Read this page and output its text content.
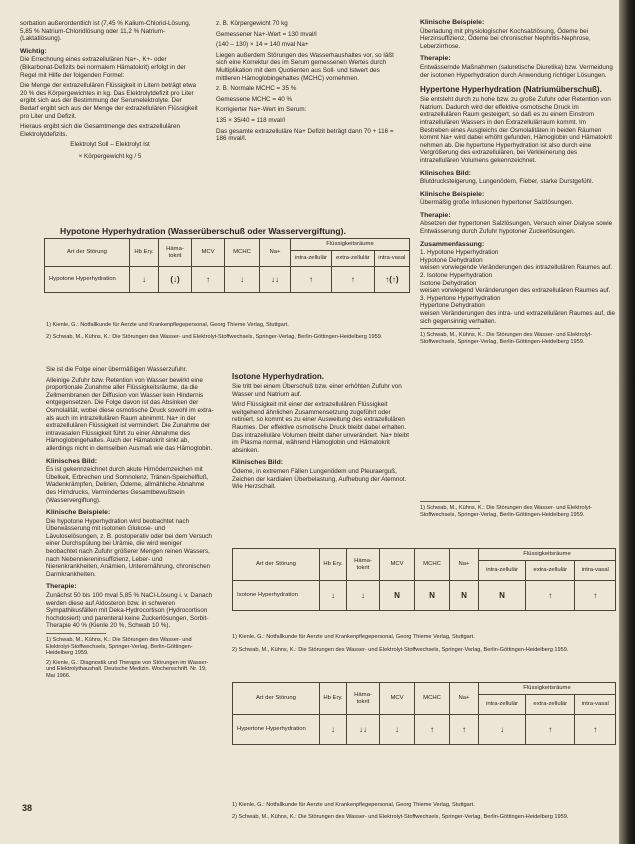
sorbation außerordentlich ist (7,45 % Kalium-Chlorid-Lösung, 5,85 % Natrium-Chloridlösung oder 11,2 % Natrium-(Laktatlösung).

Wichtig:

Die Errechnung eines extrazellulären Na+-, K+- oder (Bikarbonat-Defizits bei normalem Hämatokrit) erfolgt in der Regel mit Hilfe der folgenden Formel:

Die Menge der extrazellulären Flüssigkeit in Litern beträgt etwa 20 % des Körpergewichtes in kg. Das Elektrolytdefizit pro Liter ergibt sich aus der Bestimmung der Serumelektrolyte. Der Bedarf ergibt sich aus der Menge der extrazellulären Flüssigkeit pro Liter und Defizit.

Hieraus ergibt sich die Gesamtmenge des extrazellulären Elektrolytdefizits.

Elektrolyt Soll – Elektrolyt Ist
× Körpergewicht kg / 5

z. B. Körpergewicht 70 kg

Gemessener Na+-Wert = 130 mval/l

(140 – 130) × 14 = 140 mval Na+

Liegen außerdem Störungen des Wasserhaushaltes vor, so läßt sich eine Korrektur des im Serum gemessenen Wertes durch Multiplikation mit dem Quotienten aus Soll- und Istwert des mittleren Hämoglobingehaltes (MCHC) vornehmen.

z. B. Normale MCHC = 35 %

Gemessene MCHC = 40 %

Korrigierter Na+-Wert im Serum:

135 × 35/40 = 118 mval/l

Das gesamte extrazelluläre Na+ Defizit beträgt dann 70 + 116 = 186 mval/l.

Klinische Beispiele:

Überladung mit physiologischer Kochsalzlösung, Ödeme bei Herzinsuffizienz, Ödeme bei chronischer Nephritis-Nephrose, Leberzirrhose.

Therapie:

Entwässernde Maßnahmen (saluretische Diuretika) bzw. Vermeidung der isotonen Hyperhydration durch Anwendung richtiger Lösungen.

Hypertone Hyperhydration (Natriumüberschuß).

Sie entsteht durch zu hohe bzw. zu große Zufuhr oder Retention von Natrium. Dadurch wird der effektive osmotische Druck im extrazellulären Raum gesteigert, so daß es zu einem Einstrom intrazellulären Wassers in den Extrazellulärraum kommt. Im Bestreben eines Ausgleichs der Osmolalitäten in beiden Räumen kommt Na+ wird dabei erhöht gefunden, Hämoglobin und Hämatokrit nehmen ab. Die hypertone Hyperhydration ist also durch eine Vergrößerung des extrazellulären, bei Verkleinerung des intrazellulären Volumens gekennzeichnet.

Klinisches Bild:

Blutdrucksteigerung, Lungenödem, Fieber, starke Durstgefühl.

Klinische Beispiele:

Übermäßig große Infusionen hypertoner Salzlösungen.

Therapie:

Absetzen der hypertonen Salzlösungen, Versuch einer Dialyse sowie Entwässerung durch Zufuhr hypotoner Zuckerlösungen.

Zusammenfassung:
1. Hypotone Hyperhydration
Hypotone Dehydration
weisen vorwiegende Veränderungen des intrazellulären Raumes auf.
2. Isotone Hyperhydration
Isotone Dehydration
weisen vorwiegend Veränderungen des extrazellulären Raumes auf.
3. Hypertone Hyperhydration
Hypertone Dehydration
weisen Veränderungen des intra- und extrazellulären Raumes auf, die sich gegensinnig verhalten.

1) Schwab, M., Kühns, K.: Die Störungen des Wasser- und Elektrolyt-Stoffwechsels, Springer-Verlag, Berlin-Göttingen-Heidelberg 1959.

Hypotone Hyperhydration (Wasserüberschuß oder Wasservergiftung).
Art der Störung	Hb Ery.	Häma-tokrit	MCV	MCHC	Na+	Flüssigkeitsräume		
						intra-zellulär	extra-zellulär	intra-vasal
Hypotone Hyperhydration	↓	(↓)	↑	↓	↓↓	↑	↑	↑(↑)
1) Kienle, G.: Notfallkunde für Aerzte und Krankenpflegepersonal, Georg Thieme Verlag, Stuttgart.
2) Schwab, M., Kühns, K.: Die Störungen des Wasser- und Elektrolyt-Stoffwechsels, Springer-Verlag, Berlin-Göttingen-Heidelberg 1959.

Sie ist die Folge einer übermäßigen Wasserzufuhr.

Alleinige Zufuhr bzw. Retention von Wasser bewirkt eine proportionale Zunahme aller Flüssigkeitsräume, da die Zellmembranen der Diffusion von Wasser kein Hindernis entgegensetzen. Die Folge davon ist das Absinken der Osmolalität, wobei diese osmotische Druck sowohl im extra- als auch im intrazellulären Raum abnimmt. Na+ in der extrazellulären Flüssigkeit ist vermindert. Die Zunahme der intravasalen Flüssigkeit führt zu einer Abnahme des Hämoglobingehaltes. Auch der Hämatokrit sinkt ab, allerdings nicht in demselben Ausmaß wie das Hämoglobin.

Klinisches Bild:

Es ist gekennzeichnet durch akute Hirnödemzeichen mit Übelkeit, Erbrechen und Somnolenz, Tränen-Speichelfluß, Wadenkrämpfen, Delirien, Ödeme, allmähliche Abnahme des Hirndrucks, Vermindertes Gesamtbewußtsein (Wasservergiftung).

Klinische Beispiele:

Die hypotone Hyperhydration wird beobachtet nach Überwässerung mit isotonen Glukose- und Lävuloselösungen, z. B. postoperativ oder bei dem Versuch einer Durchspülung bei Urämie, die wird weniger beobachtet nach Zufuhr größerer Mengen reinen Wassers, nach Nebenniereninsuffizienz, Leber- und Nierenkrankheiten, Anämien, Unterernährung, chronischen Darmkrankheiten.

Therapie:

Zunächst 50 bis 100 mval 5,85 % NaCl-Lösung i. v. Danach werden diese auf Aldosteron bzw. in schweren Sympathikusfällen mit Deka-Hydrocortison (Hydrocortison hochdosiert) und parenteral keine Zuckerlösungen, Sorbit-Therapie 40 % (Kienle 20 %, Schwab 10 %).

1) Schwab, M., Kühns, K.: Die Störungen des Wasser- und Elektrolyt-Stoffwechsels, Springer-Verlag, Berlin-Göttingen-Heidelberg 1959.

2) Kienle, G.: Diagnostik und Therapie von Störungen im Wasser- und Elektrolythaushalt. Deutsche Medizin. Wochenschrift. Nr. 19, Mai 1966.

Isotone Hyperhydration.

Sie tritt bei einem Überschuß bzw. einer erhöhten Zufuhr von Wasser und Natrium auf.

Wird Flüssigkeit mit einer der extrazellulären Flüssigkeit weitgehend ähnlichen Zusammensetzung zugeführt oder retiniert, so kommt es zu einer Ausweitung des extrazellulären Raumes. Der effektive osmotische Druck bleibt dabei erhalten. Das intrazelluläre Volumen bleibt daher unverändert. Na+ bleibt im Plasma normal, während Hämoglobin und Hämatokrit absinken.

Klinisches Bild:

Ödeme, in extremen Fällen Lungenödem und Pleuraerguß, Zeichen der kardialen Überbelastung, Aufhebung der Atemnot. Wie Herzschall.

1) Schwab, M., Kühns, K.: Die Störungen des Wasser- und Elektrolyt-Stoffwechsels, Springer-Verlag, Berlin-Göttingen-Heidelberg 1959.

Art der Störung	Hb Ery.	Häma-tokrit	MCV	MCHC	Na+	Flüssigkeitsräume		
						intra-zellulär	extra-zellulär	intra-vasal
Isotone Hyperhydration	↓	↓	N	N	N	N	↑	↑
1) Kienle, G.: Notfallkunde für Aerzte und Krankenpflegepersonal, Georg Thieme Verlag, Stuttgart.
2) Schwab, M., Kühns, K.: Die Störungen des Wasser- und Elektrolyt-Stoffwechsels, Springer-Verlag, Berlin-Göttingen-Heidelberg 1959.
Art der Störung	Hb Ery.	Häma-tokrit	MCV	MCHC	Na+	Flüssigkeitsräume		
						intra-zellulär	extra-zellulär	intra-vasal
Hypertone Hyperhydration	↓	↓↓	↓	↑	↑	↓	↑	↑
1) Kienle, G.: Notfallkunde für Aerzte und Krankenpflegepersonal, Georg Thieme Verlag, Stuttgart.
2) Schwab, M., Kühns, K.: Die Störungen des Wasser- und Elektrolyt-Stoffwechsels, Springer-Verlag, Berlin-Göttingen-Heidelberg 1959.
38
